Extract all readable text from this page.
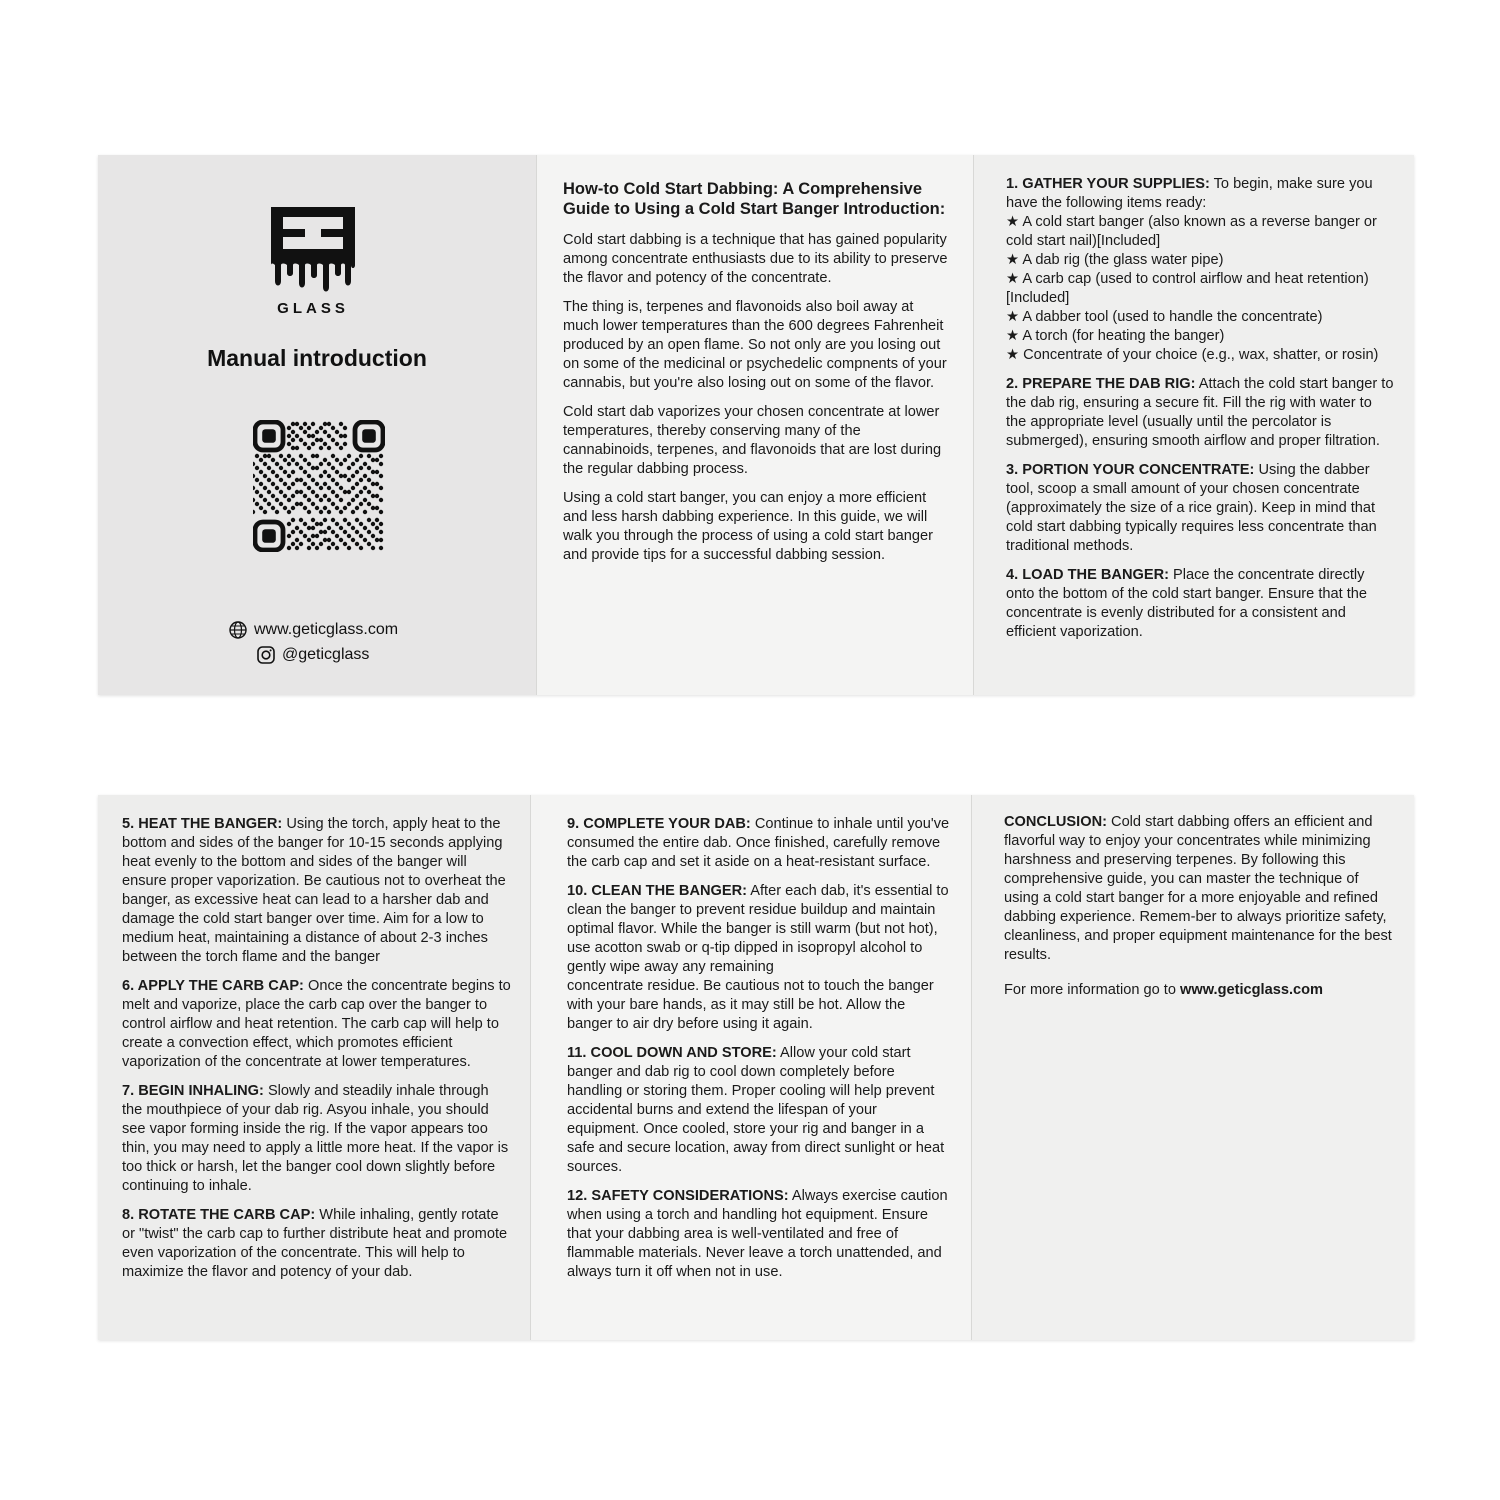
GLASS
Manual introduction
www.geticglass.com
@geticglass
How-to Cold Start Dabbing: A Comprehensive Guide to Using a Cold Start Banger Introduction:

Cold start dabbing is a technique that has gained popularity among concentrate enthusiasts due to its ability to preserve the flavor and potency of the concentrate.

The thing is, terpenes and flavonoids also boil away at much lower temperatures than the 600 degrees Fahrenheit produced by an open flame. So not only are you losing out on some of the medicinal or psychedelic compnents of your cannabis, but you're also losing out on some of the flavor.

Cold start dab vaporizes your chosen concentrate at lower temperatures, thereby conserving many of the cannabinoids, terpenes, and flavonoids that are lost during the regular dabbing process.

Using a cold start banger, you can enjoy a more efficient and less harsh dabbing experience. In this guide, we will walk you through the process of using a cold start banger and provide tips for a successful dabbing session.

1. GATHER YOUR SUPPLIES: To begin, make sure you have the following items ready:

★ A cold start banger (also known as a reverse banger or cold start nail)[Included]
★ A dab rig (the glass water pipe)
★ A carb cap (used to control airflow and heat retention)[Included]
★ A dabber tool (used to handle the concentrate)
★ A torch (for heating the banger)
★ Concentrate of your choice (e.g., wax, shatter, or rosin)

2. PREPARE THE DAB RIG: Attach the cold start banger to the dab rig, ensuring a secure fit. Fill the rig with water to the appropriate level (usually until the percolator is submerged), ensuring smooth airflow and proper filtration.

3. PORTION YOUR CONCENTRATE: Using the dabber tool, scoop a small amount of your chosen concentrate (approximately the size of a rice grain). Keep in mind that cold start dabbing typically requires less concentrate than traditional methods.

4. LOAD THE BANGER: Place the concentrate directly onto the bottom of the cold start banger. Ensure that the concentrate is evenly distributed for a consistent and efficient vaporization.

5. HEAT THE BANGER: Using the torch, apply heat to the bottom and sides of the banger for 10-15 seconds applying heat evenly to the bottom and sides of the banger will ensure proper vaporization. Be cautious not to overheat the banger, as excessive heat can lead to a harsher dab and damage the cold start banger over time. Aim for a low to medium heat, maintaining a distance of about 2-3 inches between the torch flame and the banger

6. APPLY THE CARB CAP: Once the concentrate begins to melt and vaporize, place the carb cap over the banger to control airflow and heat retention. The carb cap will help to create a convection effect, which promotes efficient vaporization of the concentrate at lower temperatures.

7. BEGIN INHALING: Slowly and steadily inhale through the mouthpiece of your dab rig. Asyou inhale, you should see vapor forming inside the rig. If the vapor appears too thin, you may need to apply a little more heat. If the vapor is too thick or harsh, let the banger cool down slightly before continuing to inhale.

8. ROTATE THE CARB CAP: While inhaling, gently rotate or "twist" the carb cap to further distribute heat and promote even vaporization of the concentrate. This will help to maximize the flavor and potency of your dab.

9. COMPLETE YOUR DAB: Continue to inhale until you've consumed the entire dab. Once finished, carefully remove the carb cap and set it aside on a heat-resistant surface.

10. CLEAN THE BANGER: After each dab, it's essential to clean the banger to prevent residue buildup and maintain optimal flavor. While the banger is still warm (but not hot), use acotton swab or q-tip dipped in isopropyl alcohol to gently wipe away any remaining

concentrate residue. Be cautious not to touch the banger with your bare hands, as it may still be hot. Allow the banger to air dry before using it again.

11. COOL DOWN AND STORE: Allow your cold start banger and dab rig to cool down completely before handling or storing them. Proper cooling will help prevent accidental burns and extend the lifespan of your equipment. Once cooled, store your rig and banger in a safe and secure location, away from direct sunlight or heat sources.

12. SAFETY CONSIDERATIONS: Always exercise caution when using a torch and handling hot equipment. Ensure that your dabbing area is well-ventilated and free of flammable materials. Never leave a torch unattended, and always turn it off when not in use.

CONCLUSION: Cold start dabbing offers an efficient and flavorful way to enjoy your concentrates while minimizing harshness and preserving terpenes. By following this comprehensive guide, you can master the technique of using a cold start banger for a more enjoyable and refined dabbing experience. Remem-ber to always prioritize safety, cleanliness, and proper equipment maintenance for the best results.

For more information go to www.geticglass.com
